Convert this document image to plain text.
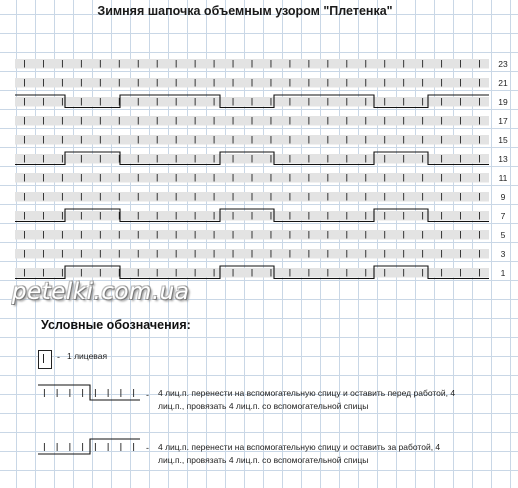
Зимняя шапочка объемным узором "Плетенка"
23
21
19
17
15
13
11
9
7
5
3
1
petelki.com.ua
Условные обозначения:
- 1 лицевая
- 4 лиц.п. перенести на вспомогательную спицу и оставить перед работой, 4 лиц.п., провязать 4 лиц.п. со вспомогательной спицы
- 4 лиц.п. перенести на вспомогательную спицу и оставить за работой, 4 лиц.п., провязать 4 лиц.п. со вспомогательной спицы
